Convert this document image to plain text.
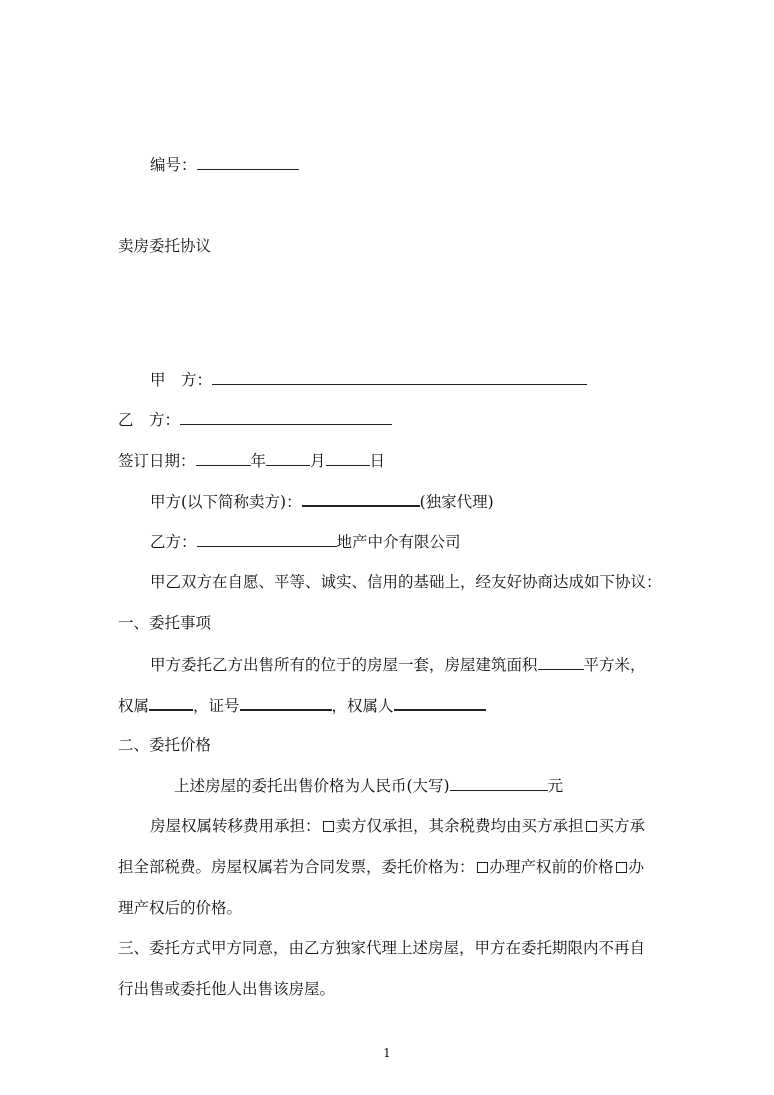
编号：
卖房委托协议
甲　方：
乙　方：
签订日期：	年	月	日
甲方(以下简称卖方)：	(独家代理)
乙方：	地产中介有限公司
甲乙双方在自愿、平等、诚实、信用的基础上，经友好协商达成如下协议：
一、委托事项
甲方委托乙方出售所有的位于的房屋一套，房屋建筑面积	平方米，
权属	，证号	，权属人
二、委托价格
上述房屋的委托出售价格为人民币(大写)	元
房屋权属转移费用承担： 卖方仅承担，其余税费均由买方承担 买方承
担全部税费。房屋权属若为合同发票，委托价格为： 办理产权前的价格 办
理产权后的价格。
三、委托方式甲方同意，由乙方独家代理上述房屋，甲方在委托期限内不再自
行出售或委托他人出售该房屋。
1
